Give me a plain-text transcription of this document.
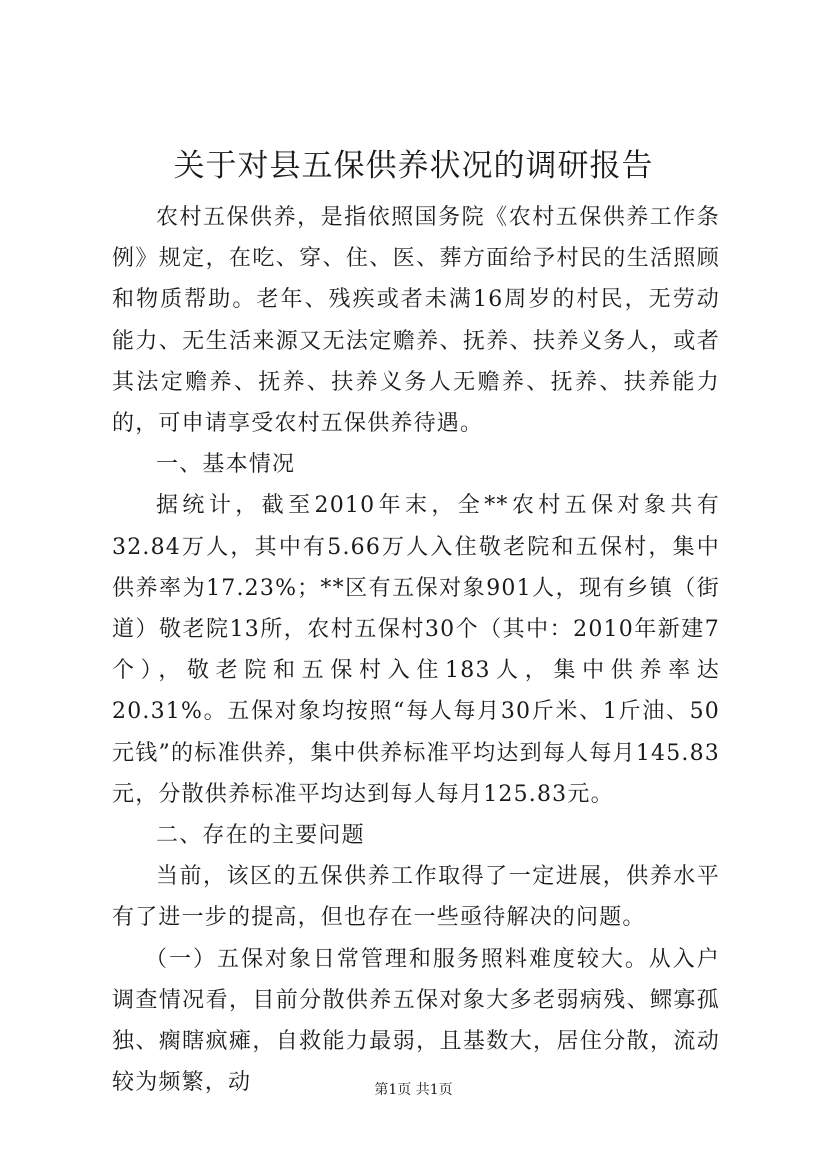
关于对县五保供养状况的调研报告

农村五保供养，是指依照国务院《农村五保供养工作条例》规定，在吃、穿、住、医、葬方面给予村民的生活照顾和物质帮助。老年、残疾或者未满16周岁的村民，无劳动能力、无生活来源又无法定赡养、抚养、扶养义务人，或者其法定赡养、抚养、扶养义务人无赡养、抚养、扶养能力的，可申请享受农村五保供养待遇。

一、基本情况

据统计，截至2010年末，全**农村五保对象共有32.84万人，其中有5.66万人入住敬老院和五保村，集中供养率为17.23%；**区有五保对象901人，现有乡镇（街道）敬老院13所，农村五保村30个（其中：2010年新建7个），敬老院和五保村入住183人，集中供养率达20.31%。五保对象均按照“每人每月30斤米、1斤油、50元钱”的标准供养，集中供养标准平均达到每人每月145.83元，分散供养标准平均达到每人每月125.83元。

二、存在的主要问题

当前，该区的五保供养工作取得了一定进展，供养水平有了进一步的提高，但也存在一些亟待解决的问题。

（一）五保对象日常管理和服务照料难度较大。从入户调查情况看，目前分散供养五保对象大多老弱病残、鳏寡孤独、瘸瞎疯瘫，自救能力最弱，且基数大，居住分散，流动较为频繁，动	第1页 共1页
